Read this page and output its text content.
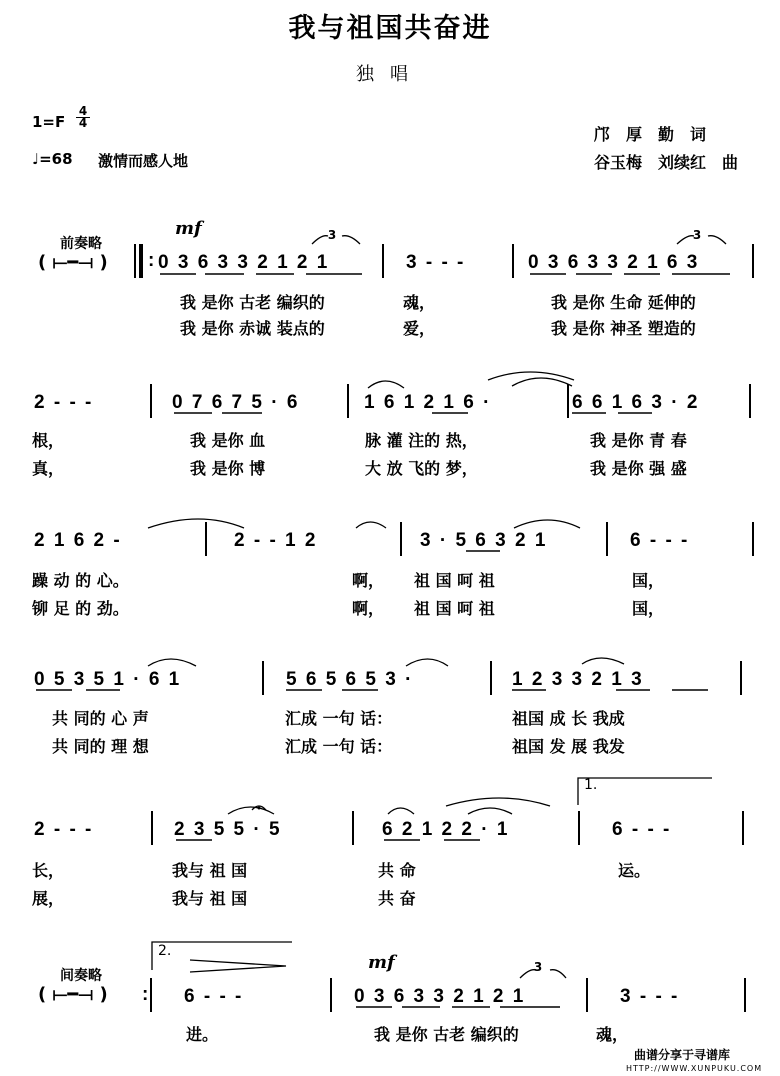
我与祖国共奋进
独唱
1=F
4
4
♩=68 激情而感人地
邝　厚　勤　词
谷玉梅　刘续红　曲
前奏略
( ⟝━⟞ )
mf	3
: 0 3 6 3 3 2 1 2 1	3 - - -	0 3 6 3 3 2 1 6 3
3
我 是你 古老 编织的	魂，	我 是你 生命 延伸的
我 是你 赤诚 装点的	爱，	我 是你 神圣 塑造的
2 - - -	0 7 6 7 5 · 6	1 6 1 2 1 6 ·	6 6 1 6 3 · 2
根，	我 是你 血	脉 灌 注的 热，	我 是你 青 春
真，	我 是你 博	大 放 飞的 梦，	我 是你 强 盛
2 1 6 2 -	2 - - 1 2	3 · 5 6 3 2 1	6 - - -
躁 动 的 心。	啊， 祖 国 呵 祖	国，
铆 足 的 劲。	啊， 祖 国 呵 祖	国，
0 5 3 5 1 · 6 1	5 6 5 6 5 3 ·	1 2 3 3 2 1 3
共 同的 心 声	汇成 一句 话：	祖国 成 长 我成
共 同的 理 想	汇成 一句 话：	祖国 发 展 我发
2 - - -	2 3 5 5 · 5	6 2 1 2 2 · 1	6 - - -
1.
长，	我与 祖 国	共 命	运。
展，	我与 祖 国	共 奋
间奏略
( ⟝━⟞ ) :
2.
6 - - -
mf	3
0 3 6 3 3 2 1 2 1	3 - - -
进。	我 是你 古老 编织的	魂，
曲谱分享于寻谱库
HTTP://WWW.XUNPUKU.COM
